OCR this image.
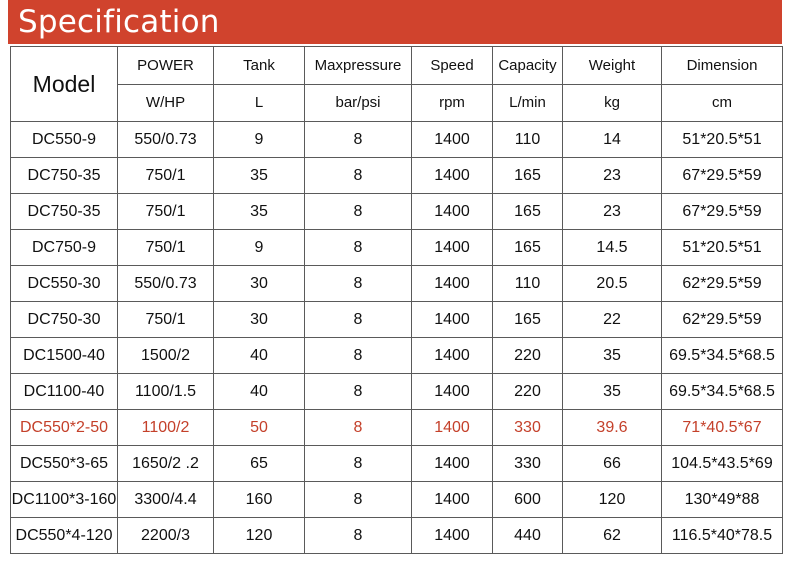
Specification
Model	POWER	Tank	Maxpressure	Speed	Capacity	Weight	Dimension
	W/HP	L	bar/psi	rpm	L/min	kg	cm
DC550-9	550/0.73	9	8	1400	110	14	51*20.5*51
DC750-35	750/1	35	8	1400	165	23	67*29.5*59
DC750-35	750/1	35	8	1400	165	23	67*29.5*59
DC750-9	750/1	9	8	1400	165	14.5	51*20.5*51
DC550-30	550/0.73	30	8	1400	110	20.5	62*29.5*59
DC750-30	750/1	30	8	1400	165	22	62*29.5*59
DC1500-40	1500/2	40	8	1400	220	35	69.5*34.5*68.5
DC1100-40	1100/1.5	40	8	1400	220	35	69.5*34.5*68.5
DC550*2-50	1100/2	50	8	1400	330	39.6	71*40.5*67
DC550*3-65	1650/2 .2	65	8	1400	330	66	104.5*43.5*69
DC1100*3-160	3300/4.4	160	8	1400	600	120	130*49*88
DC550*4-120	2200/3	120	8	1400	440	62	116.5*40*78.5
